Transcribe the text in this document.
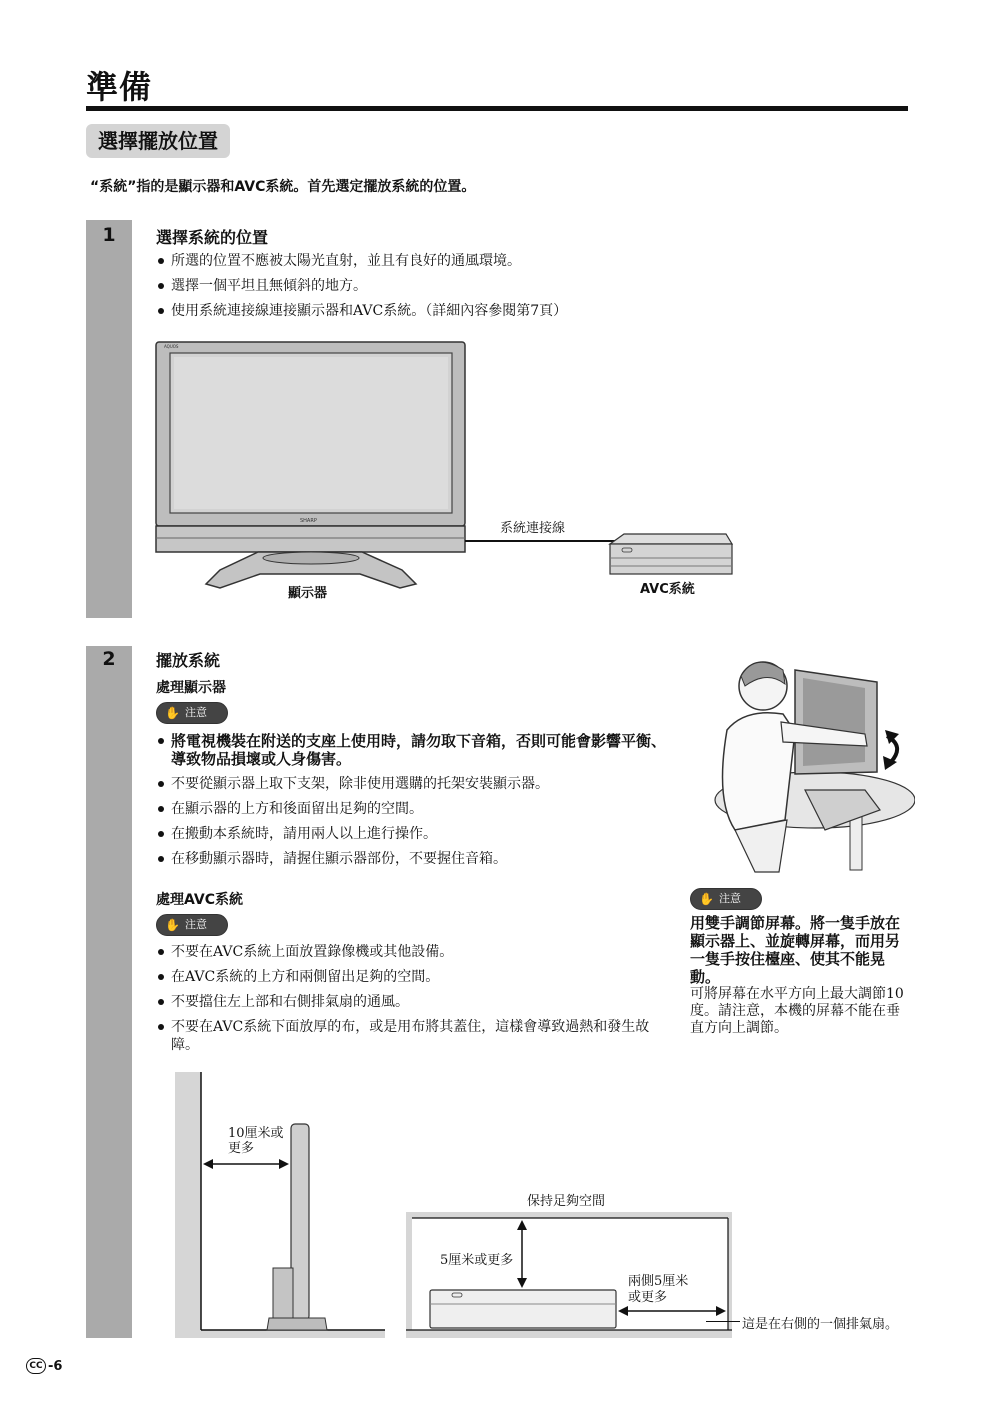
準備
選擇擺放位置
“系統”指的是顯示器和AVC系統。首先選定擺放系統的位置。
1
2
選擇系統的位置
所選的位置不應被太陽光直射，並且有良好的通風環境。
選擇一個平坦且無傾斜的地方。
使用系統連接線連接顯示器和AVC系統。（詳細內容參閱第7頁）
AQUOS
SHARP	系統連接線
顯示器	AVC系統
擺放系統
處理顯示器
✋ 注意
將電視機裝在附送的支座上使用時，請勿取下音箱，否則可能會影響平衡、導致物品損壞或人身傷害。
不要從顯示器上取下支架，除非使用選購的托架安裝顯示器。
在顯示器的上方和後面留出足夠的空間。
在搬動本系統時，請用兩人以上進行操作。
在移動顯示器時，請握住顯示器部份，不要握住音箱。
處理AVC系統
✋ 注意
不要在AVC系統上面放置錄像機或其他設備。
在AVC系統的上方和兩側留出足夠的空間。
不要擋住左上部和右側排氣扇的通風。
不要在AVC系統下面放厚的布，或是用布將其蓋住，這樣會導致過熱和發生故障。
✋ 注意
用雙手調節屏幕。將一隻手放在顯示器上、並旋轉屏幕，而用另一隻手按住檯座、使其不能晃動。
可將屏幕在水平方向上最大調節10度。請注意，本機的屏幕不能在垂直方向上調節。
10厘米或更多
保持足夠空間
5厘米或更多
兩側5厘米或更多
這是在右側的一個排氣扇。
CC -6
